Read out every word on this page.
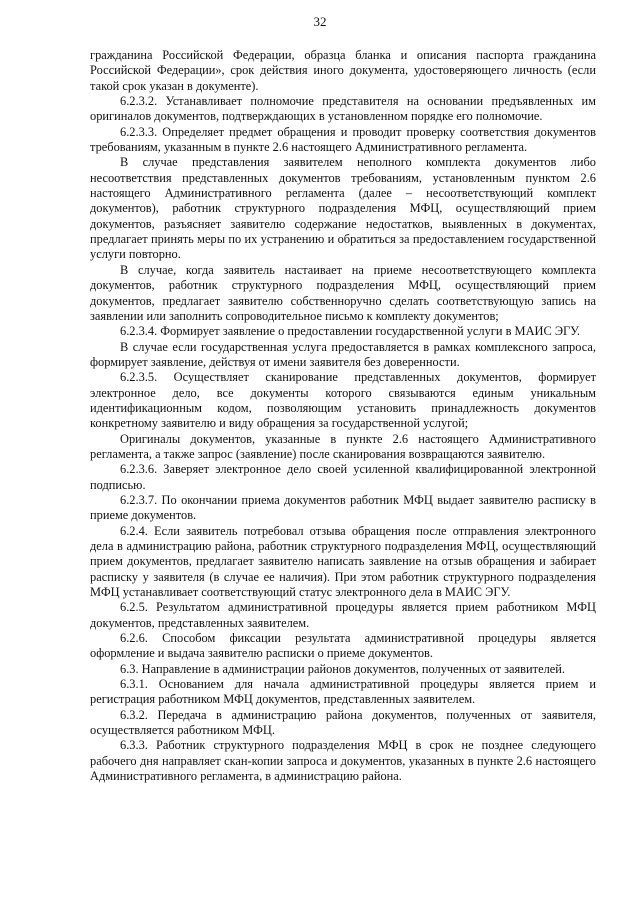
32

гражданина Российской Федерации, образца бланка и описания паспорта гражданина Российской Федерации», срок действия иного документа, удостоверяющего личность (если такой срок указан в документе).

6.2.3.2. Устанавливает полномочие представителя на основании предъявленных им оригиналов документов, подтверждающих в установленном порядке его полномочие.

6.2.3.3. Определяет предмет обращения и проводит проверку соответствия документов требованиям, указанным в пункте 2.6 настоящего Административного регламента.

В случае представления заявителем неполного комплекта документов либо несоответствия представленных документов требованиям, установленным пунктом 2.6 настоящего Административного регламента (далее – несоответствующий комплект документов), работник структурного подразделения МФЦ, осуществляющий прием документов, разъясняет заявителю содержание недостатков, выявленных в документах, предлагает принять меры по их устранению и обратиться за предоставлением государственной услуги повторно.

В случае, когда заявитель настаивает на приеме несоответствующего комплекта документов, работник структурного подразделения МФЦ, осуществляющий прием документов, предлагает заявителю собственноручно сделать соответствующую запись на заявлении или заполнить сопроводительное письмо к комплекту документов;

6.2.3.4. Формирует заявление о предоставлении государственной услуги в МАИС ЭГУ.

В случае если государственная услуга предоставляется в рамках комплексного запроса, формирует заявление, действуя от имени заявителя без доверенности.

6.2.3.5. Осуществляет сканирование представленных документов, формирует электронное дело, все документы которого связываются единым уникальным идентификационным кодом, позволяющим установить принадлежность документов конкретному заявителю и виду обращения за государственной услугой;

Оригиналы документов, указанные в пункте 2.6 настоящего Административного регламента, а также запрос (заявление) после сканирования возвращаются заявителю.

6.2.3.6. Заверяет электронное дело своей усиленной квалифицированной электронной подписью.

6.2.3.7. По окончании приема документов работник МФЦ выдает заявителю расписку в приеме документов.

6.2.4. Если заявитель потребовал отзыва обращения после отправления электронного дела в администрацию района, работник структурного подразделения МФЦ, осуществляющий прием документов, предлагает заявителю написать заявление на отзыв обращения и забирает расписку у заявителя (в случае ее наличия). При этом работник структурного подразделения МФЦ устанавливает соответствующий статус электронного дела в МАИС ЭГУ.

6.2.5. Результатом административной процедуры является прием работником МФЦ документов, представленных заявителем.

6.2.6. Способом фиксации результата административной процедуры является оформление и выдача заявителю расписки о приеме документов.

6.3. Направление в администрации районов документов, полученных от заявителей.

6.3.1. Основанием для начала административной процедуры является прием и регистрация работником МФЦ документов, представленных заявителем.

6.3.2. Передача в администрацию района документов, полученных от заявителя, осуществляется работником МФЦ.

6.3.3. Работник структурного подразделения МФЦ в срок не позднее следующего рабочего дня направляет скан-копии запроса и документов, указанных в пункте 2.6 настоящего Административного регламента, в администрацию района.
